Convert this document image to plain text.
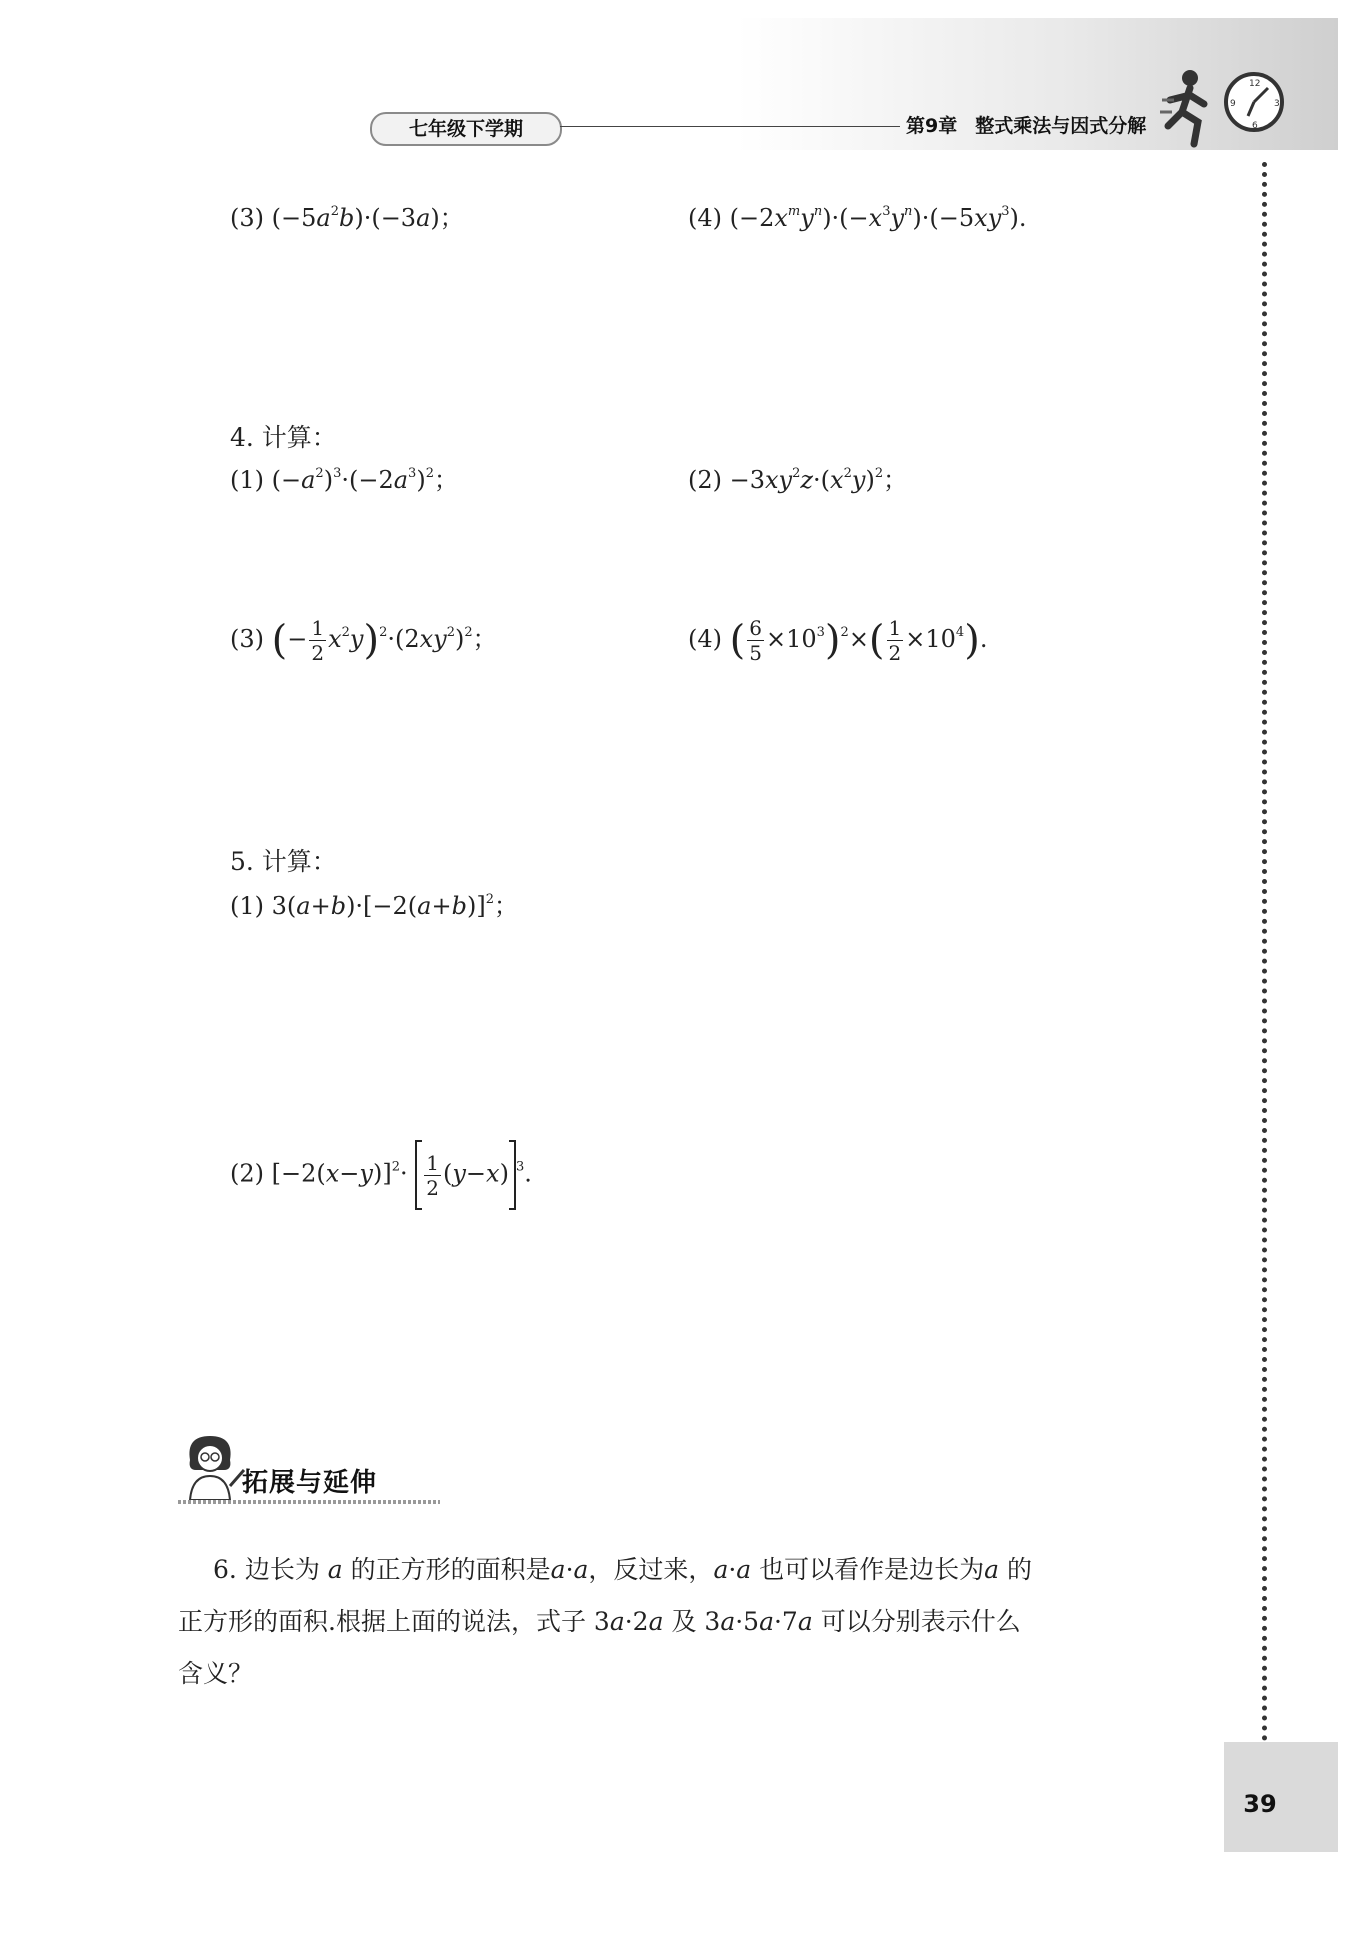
七年级下学期	第9章 整式乘法与因式分解
12
6
9	3
(3) $(-5a^2b)\cdot(-3a)$；	(4) $(-2x^my^n)\cdot(-x^3y^n)\cdot(-5xy^3)$.
4. 计算：
(1) $(-a^2)^3\cdot(-2a^3)^2$；	$(2) -3xy^2z\cdot(x^2y)^2$；
(3) (− $\frac{1}{2} x^2y)^2\cdot(2xy^2)^2$；	(4) ( $\frac{6}{5} \times 10^3)^2\times( \frac{1}{2} \times 10^4)$.
5. 计算：
(1) $3(a+b)\cdot[-2(a+b)]^2$；
(2) $[-2(x-y)]^2\cdot \frac{1}{2} (y-x)$ $^3$.
拓展与延伸
6. 边长为 a 的正方形的面积是a·a，反过来，a·a 也可以看作是边长为a 的
正方形的面积.根据上面的说法，式子 3a·2a 及 3a·5a·7a 可以分别表示什么
含义？
39
